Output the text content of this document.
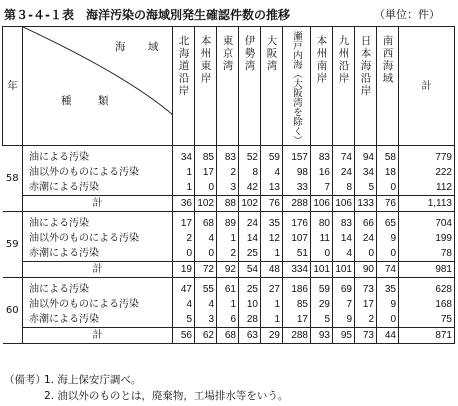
第３-４-１表　海洋汚染の海域別発生確認件数の推移	（単位：件）
年	海　域
種　類	北海道沿岸	本州東岸	東京湾	伊勢湾	大阪湾	瀬戸内海（大阪湾を除く）	本州南岸	九州沿岸	日本海沿岸	南西海域	計
58												
	油による汚染	34	85	83	52	59	157	83	74	94	58	779
	油以外のものによる汚染	1	17	2	8	4	98	16	24	34	18	222
	赤潮による汚染	1	0	3	42	13	33	7	8	5	0	112
	計	36	102	88	102	76	288	106	106	133	76	1,113
59												
	油による汚染	17	68	89	24	35	176	80	83	66	65	704
	油以外のものによる汚染	2	4	1	14	12	107	11	14	24	9	199
	赤潮による汚染	0	0	2	25	1	51	0	4	0	0	78
	計	19	72	92	54	48	334	101	101	90	74	981
60												
	油による汚染	47	55	61	25	27	186	59	69	73	35	628
	油以外のものによる汚染	4	4	1	10	1	85	29	7	17	9	168
	赤潮による汚染	5	3	6	28	1	17	5	9	2	0	75
	計	56	62	68	63	29	288	93	95	73	44	871
（備考）1. 海上保安庁調べ。
2. 油以外のものとは，廃棄物，工場排水等をいう。
